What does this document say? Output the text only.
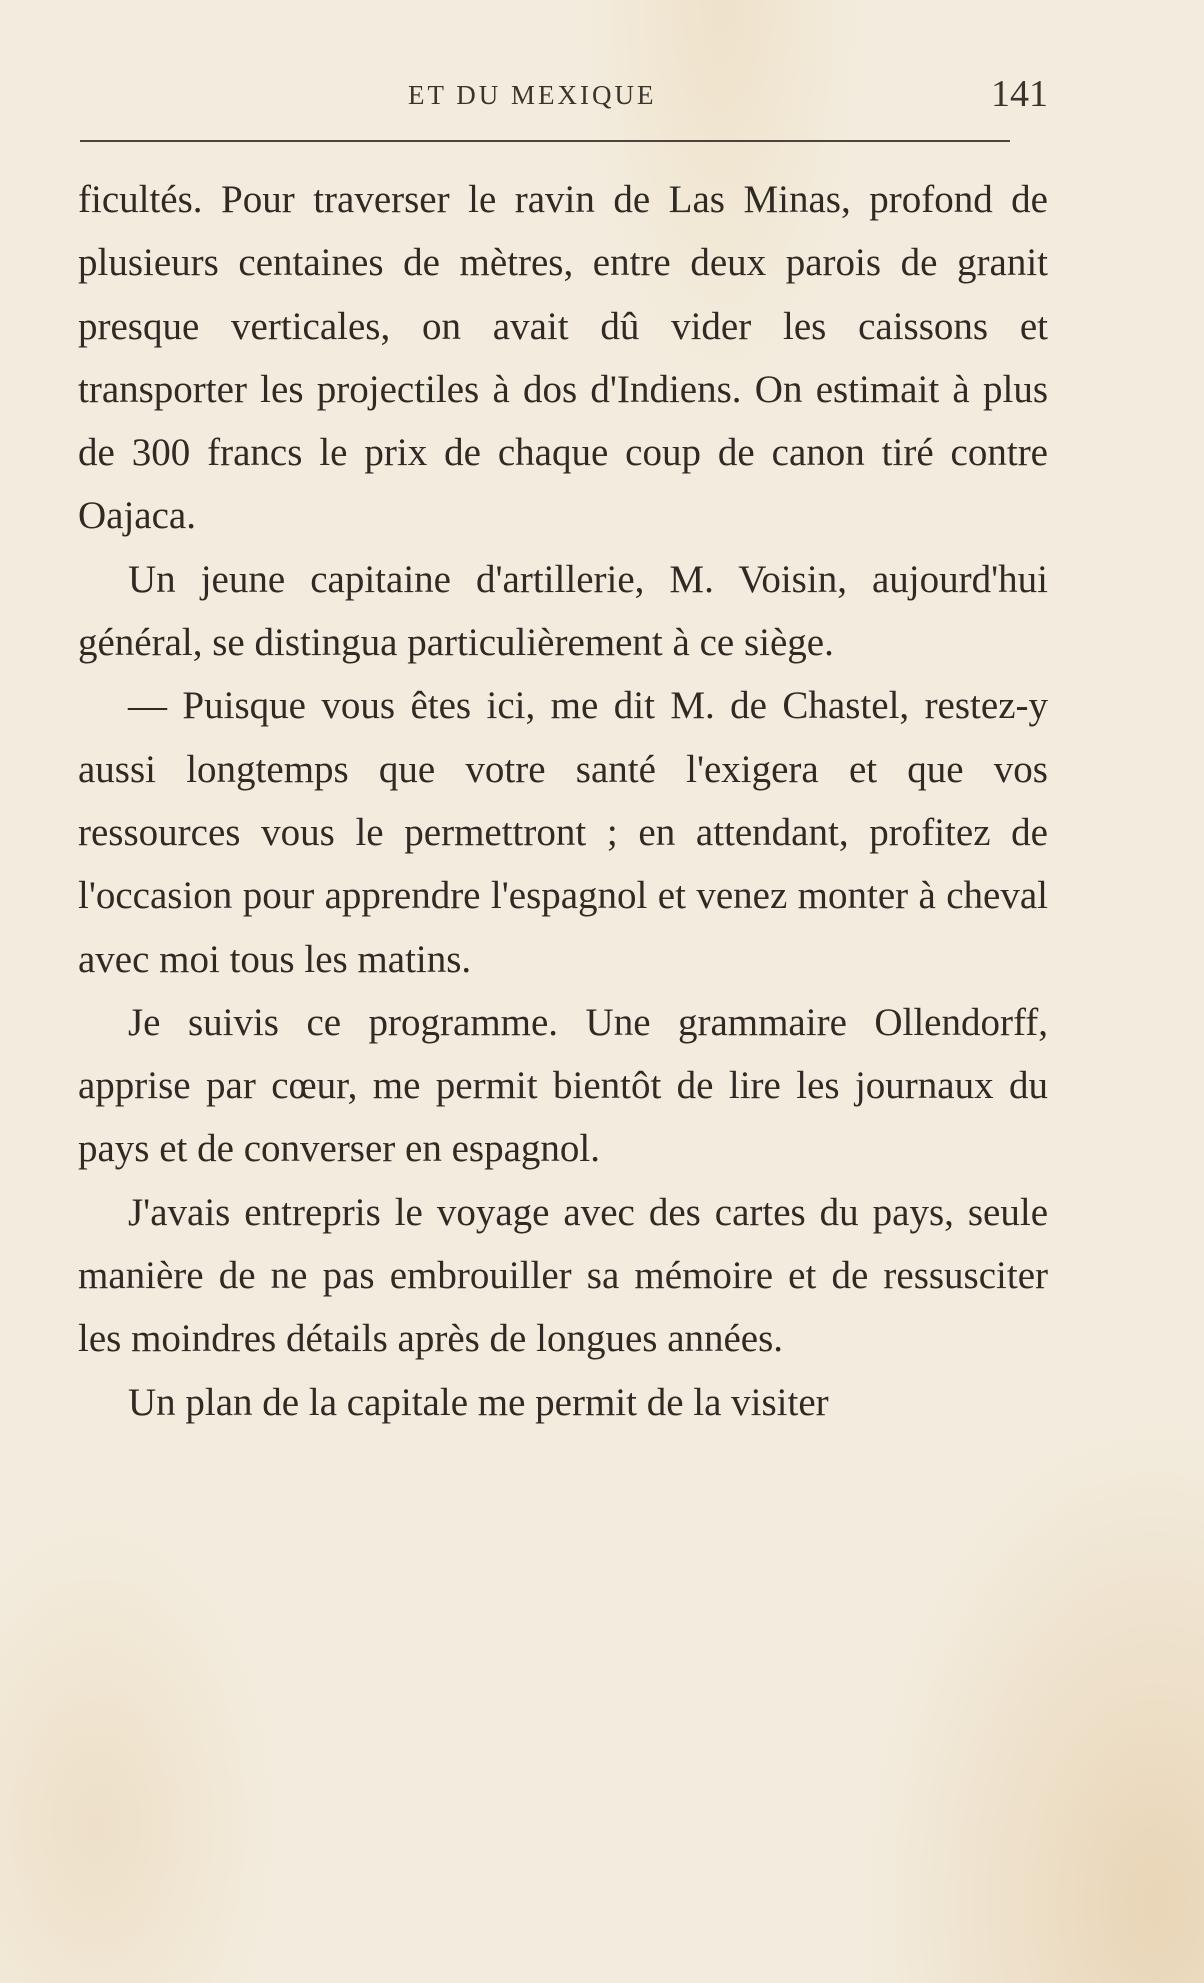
ET DU MEXIQUE	141

ficultés. Pour traverser le ravin de Las Minas, profond de plusieurs centaines de mètres, entre deux parois de granit presque verticales, on avait dû vider les caissons et transporter les projectiles à dos d'Indiens. On estimait à plus de 300 francs le prix de chaque coup de canon tiré contre Oajaca.

Un jeune capitaine d'artillerie, M. Voisin, aujourd'hui général, se distingua particulièrement à ce siège.

— Puisque vous êtes ici, me dit M. de Chastel, restez-y aussi longtemps que votre santé l'exigera et que vos ressources vous le permettront ; en attendant, profitez de l'occasion pour apprendre l'espagnol et venez monter à cheval avec moi tous les matins.

Je suivis ce programme. Une grammaire Ollendorff, apprise par cœur, me permit bientôt de lire les journaux du pays et de converser en espagnol.

J'avais entrepris le voyage avec des cartes du pays, seule manière de ne pas embrouiller sa mémoire et de ressusciter les moindres détails après de longues années.

Un plan de la capitale me permit de la visiter
